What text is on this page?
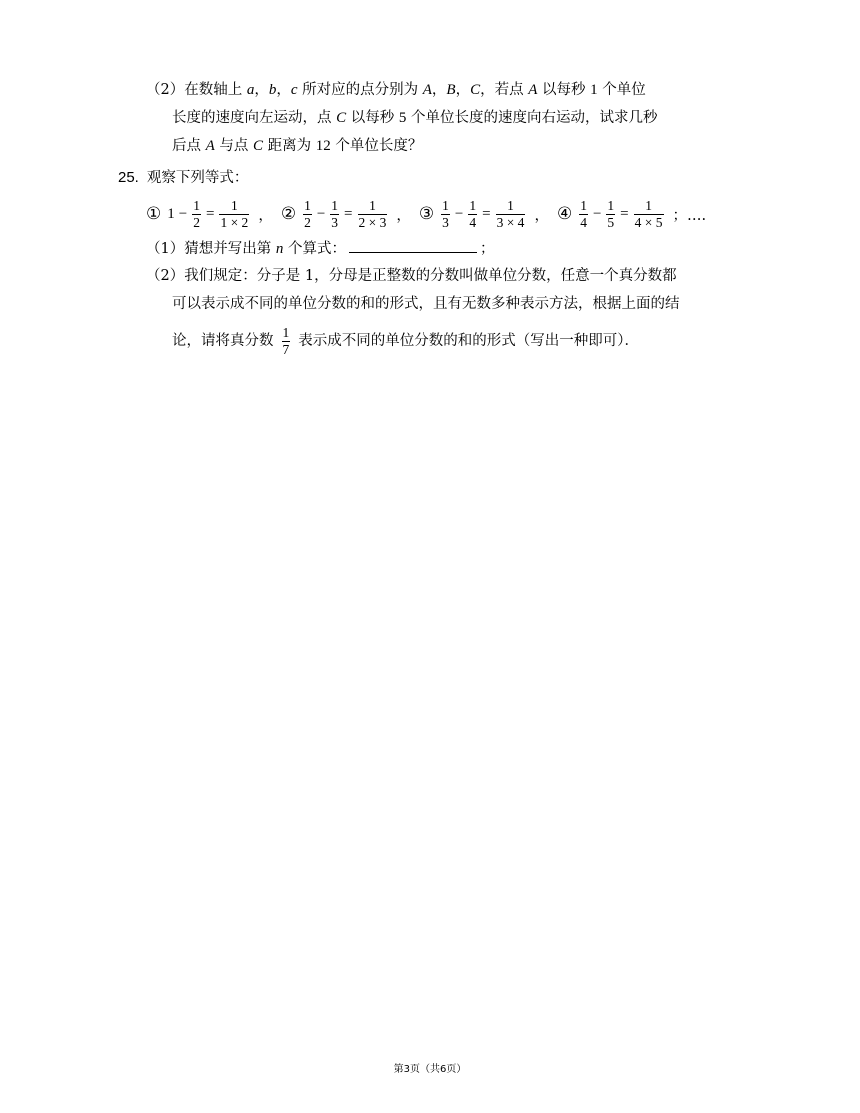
（2）在数轴上 a，b，c 所对应的点分别为 A，B，C，若点 A 以每秒 1 个单位
长度的速度向左运动，点 C 以每秒 5 个单位长度的速度向右运动，试求几秒
后点 A 与点 C 距离为 12 个单位长度？
25. 观察下列等式：
① $1 - \frac{1}{2} = \frac{1}{1 \times 2}$ ， ② $\frac{1}{2} - \frac{1}{3} = \frac{1}{2 \times 3}$ ， ③ $\frac{1}{3} - \frac{1}{4} = \frac{1}{3 \times 4}$ ， ④ $\frac{1}{4} - \frac{1}{5} = \frac{1}{4 \times 5}$ ；….
（1）猜想并写出第 n 个算式：	；
（2）我们规定：分子是 1，分母是正整数的分数叫做单位分数，任意一个真分数都
可以表示成不同的单位分数的和的形式，且有无数多种表示方法，根据上面的结
论，请将真分数 $\frac{1}{7}$ 表示成不同的单位分数的和的形式（写出一种即可）．
第3页（共6页）
